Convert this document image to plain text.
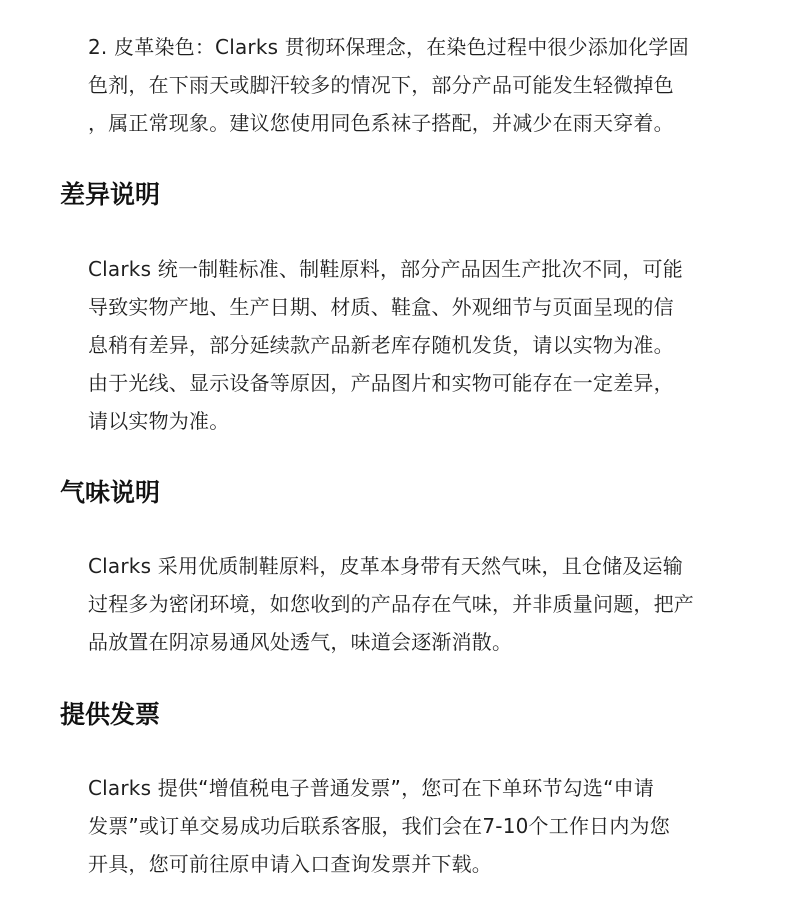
2. 皮革染色：Clarks 贯彻环保理念，在染色过程中很少添加化学固
色剂，在下雨天或脚汗较多的情况下，部分产品可能发生轻微掉色
，属正常现象。建议您使用同色系袜子搭配，并减少在雨天穿着。
差异说明
Clarks 统一制鞋标准、制鞋原料，部分产品因生产批次不同，可能
导致实物产地、生产日期、材质、鞋盒、外观细节与页面呈现的信
息稍有差异，部分延续款产品新老库存随机发货，请以实物为准。
由于光线、显示设备等原因，产品图片和实物可能存在一定差异，
请以实物为准。
气味说明
Clarks 采用优质制鞋原料，皮革本身带有天然气味，且仓储及运输
过程多为密闭环境，如您收到的产品存在气味，并非质量问题，把产
品放置在阴凉易通风处透气，味道会逐渐消散。
提供发票
Clarks 提供“增值税电子普通发票”，您可在下单环节勾选“申请
发票”或订单交易成功后联系客服，我们会在7-10个工作日内为您
开具，您可前往原申请入口查询发票并下载。
